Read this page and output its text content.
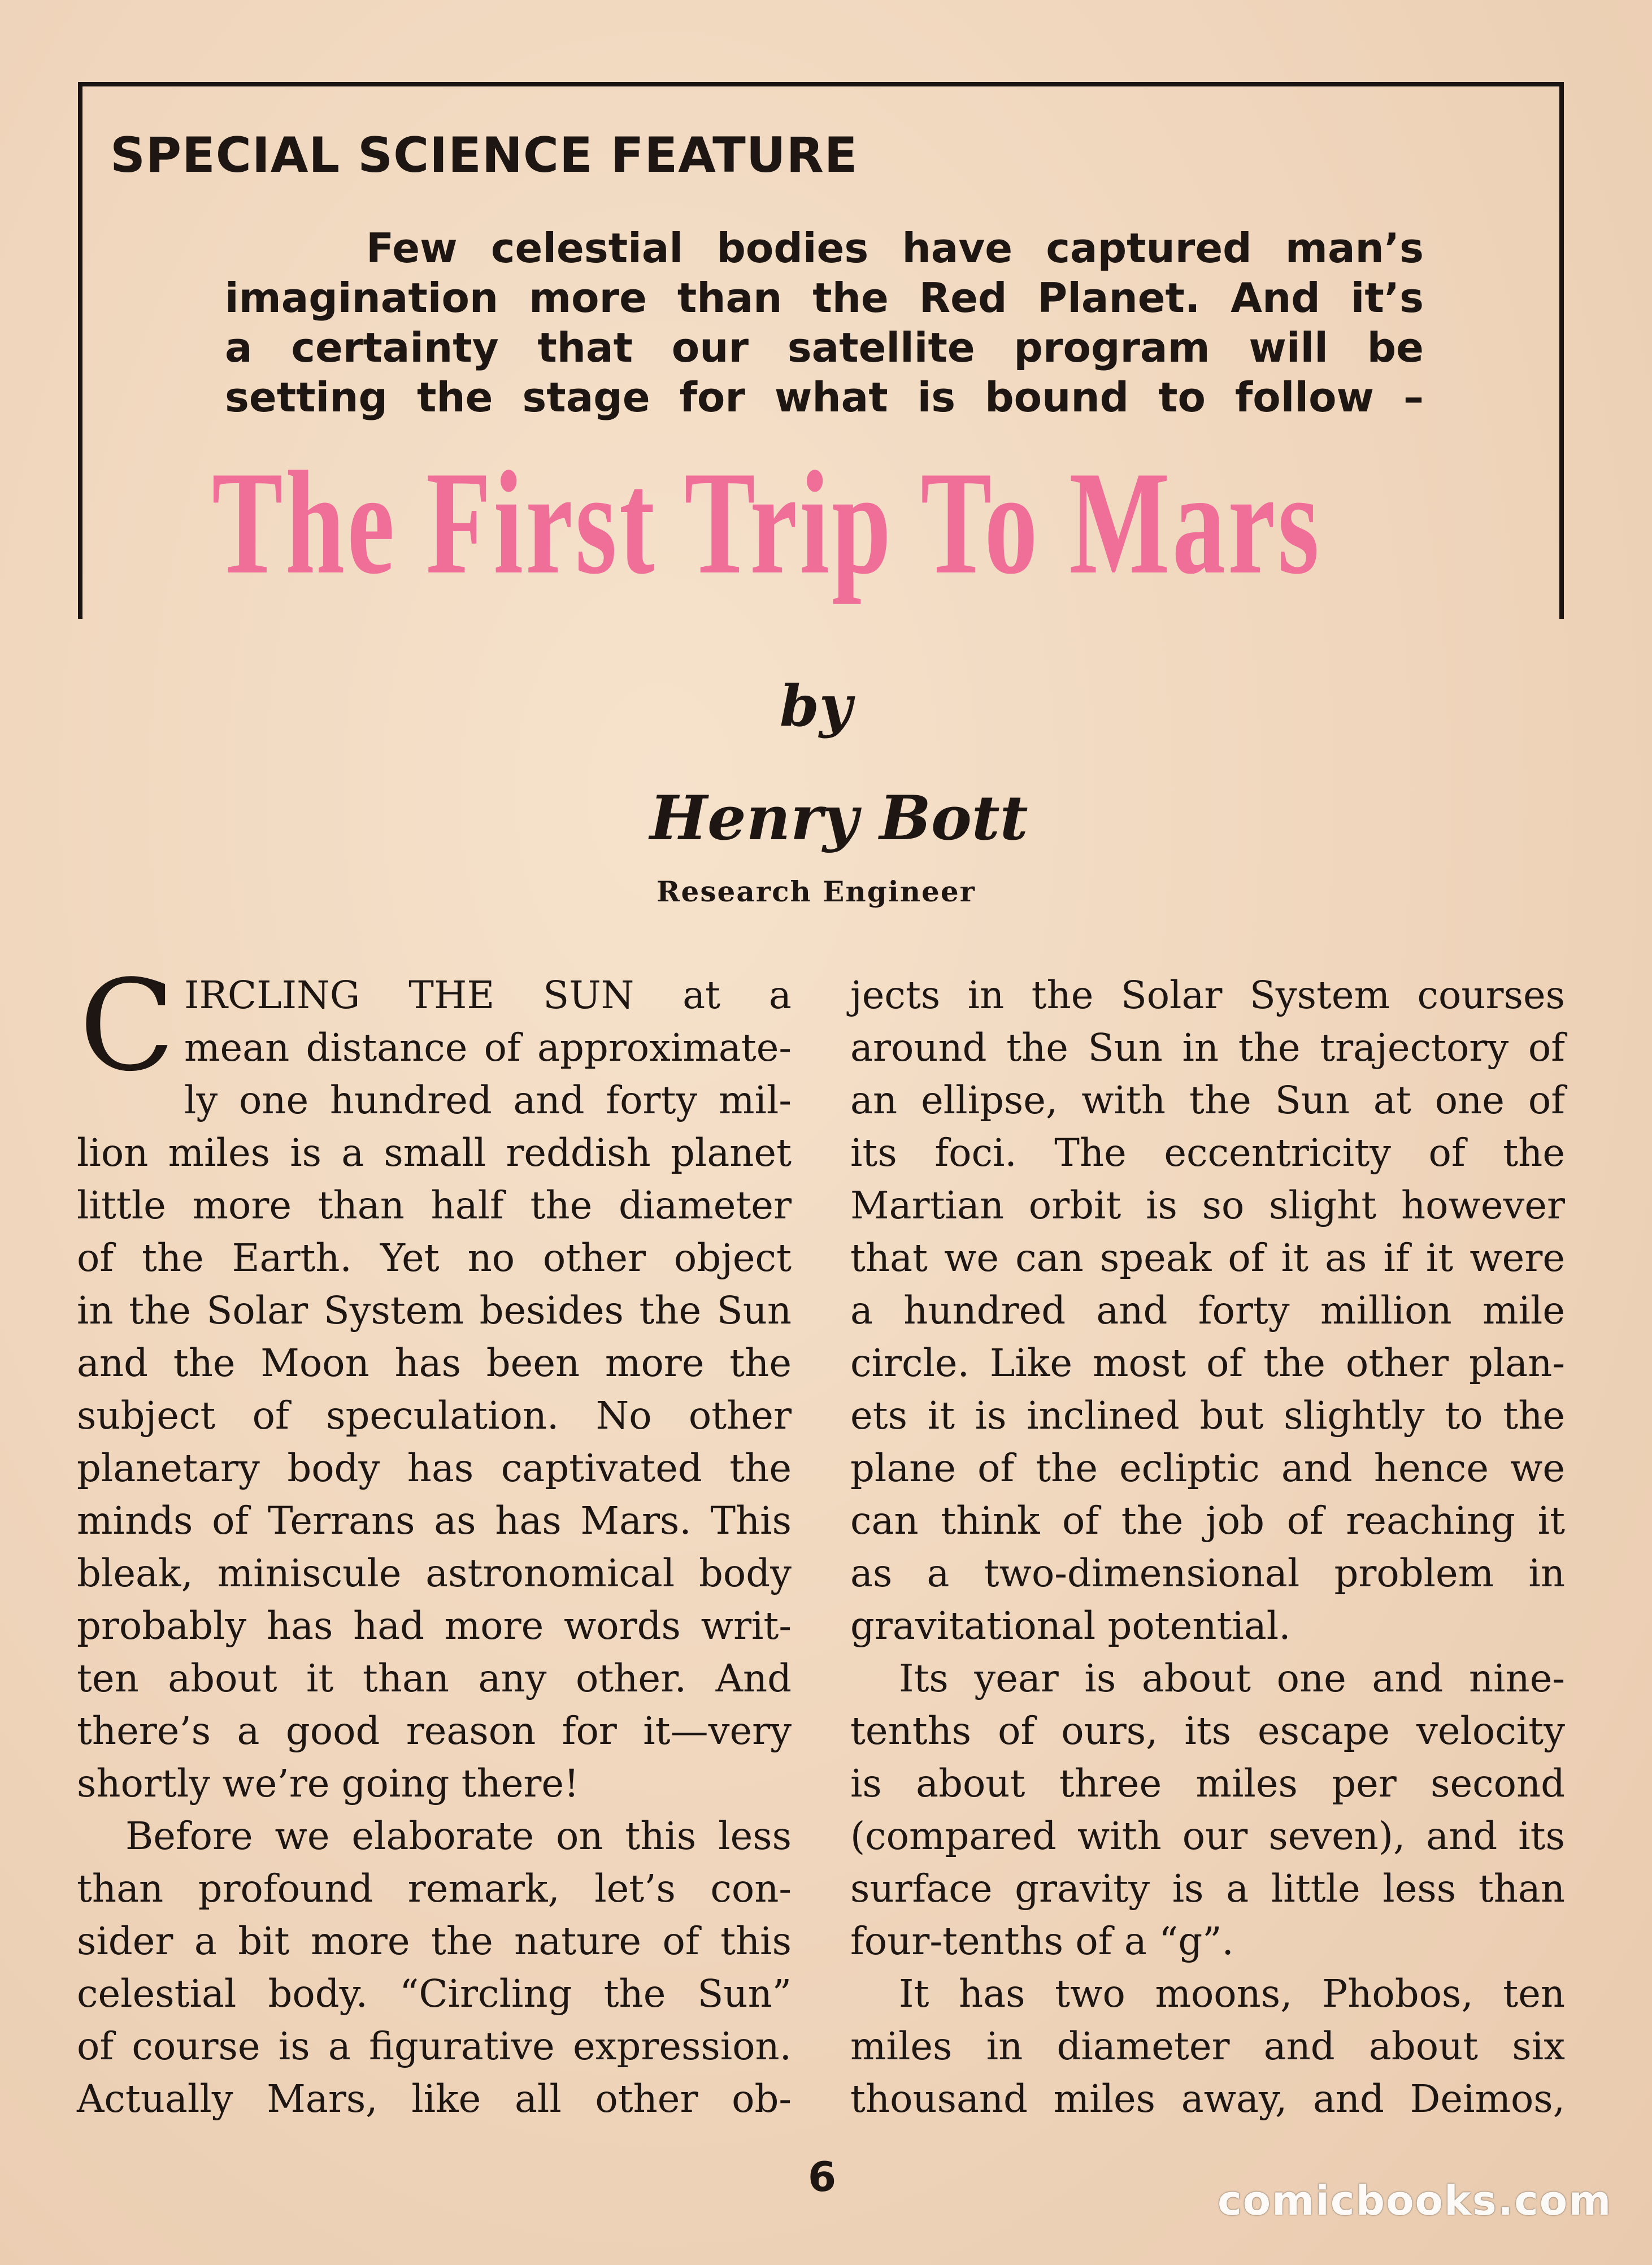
SPECIAL SCIENCE FEATURE

Few celestial bodies have captured man’s
imagination more than the Red Planet. And it’s
a certainty that our satellite program will be
setting the stage for what is bound to follow –

The First Trip To Mars

by

Henry Bott

Research Engineer

C IRCLING THE SUN at a
mean distance of approximate-
ly one hundred and forty mil-
lion miles is a small reddish planet
little more than half the diameter
of the Earth. Yet no other object
in the Solar System besides the Sun
and the Moon has been more the
subject of speculation. No other
planetary body has captivated the
minds of Terrans as has Mars. This
bleak, miniscule astronomical body
probably has had more words writ-
ten about it than any other. And
there’s a good reason for it—very
shortly we’re going there!
Before we elaborate on this less
than profound remark, let’s con-
sider a bit more the nature of this
celestial body. “Circling the Sun”
of course is a figurative expression.
Actually Mars, like all other ob-
jects in the Solar System courses
around the Sun in the trajectory of
an ellipse, with the Sun at one of
its foci. The eccentricity of the
Martian orbit is so slight however
that we can speak of it as if it were
a hundred and forty million mile
circle. Like most of the other plan-
ets it is inclined but slightly to the
plane of the ecliptic and hence we
can think of the job of reaching it
as a two-dimensional problem in
gravitational potential.
Its year is about one and nine-
tenths of ours, its escape velocity
is about three miles per second
(compared with our seven), and its
surface gravity is a little less than
four-tenths of a “g”.
It has two moons, Phobos, ten
miles in diameter and about six
thousand miles away, and Deimos,

6	comicbooks.com
